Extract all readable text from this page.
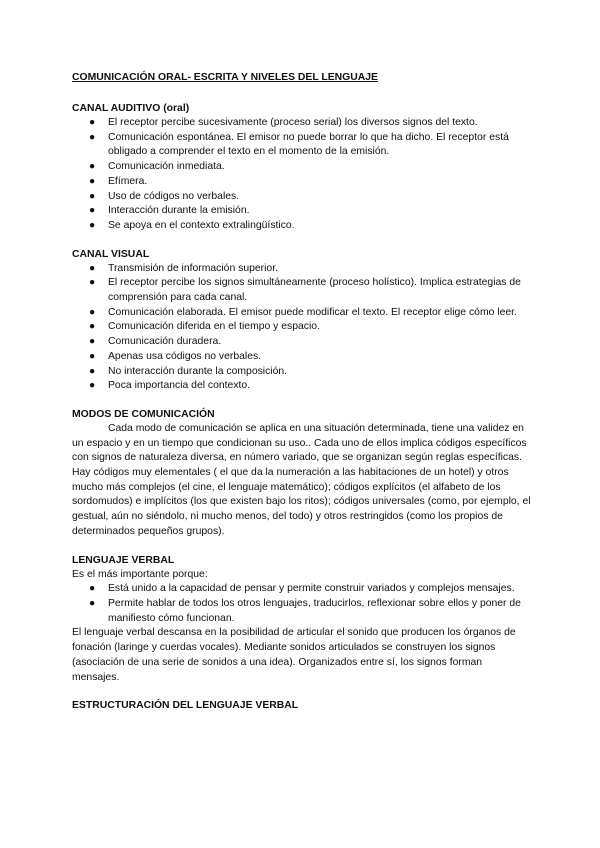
COMUNICACIÓN ORAL- ESCRITA Y NIVELES DEL LENGUAJE
CANAL AUDITIVO (oral)
● El receptor percibe sucesivamente (proceso serial) los diversos signos del texto.
● Comunicación espontánea. El emisor no puede borrar lo que ha dicho. El receptor está obligado a comprender el texto en el momento de la emisión.
● Comunicación inmediata.
● Efímera.
● Uso de códigos no verbales.
● Interacción durante la emisión.
● Se apoya en el contexto extralingüístico.
CANAL VISUAL
● Transmisión de información superior.
● El receptor percibe los signos simultáneamente (proceso holístico). Implica estrategias de comprensión para cada canal.
● Comunicación elaborada. El emisor puede modificar el texto. El receptor elige cómo leer.
● Comunicación diferida en el tiempo y espacio.
● Comunicación duradera.
● Apenas usa códigos no verbales.
● No interacción durante la composición.
● Poca importancia del contexto.
MODOS DE COMUNICACIÓN

Cada modo de comunicación se aplica en una situación determinada, tiene una validez en un espacio y en un tiempo que condicionan su uso.. Cada uno de ellos implica códigos específicos con signos de naturaleza diversa, en número variado, que se organizan según reglas específicas.

Hay códigos muy elementales ( el que da la numeración a las habitaciones de un hotel) y otros mucho más complejos (el cine, el lenguaje matemático); códigos explícitos (el alfabeto de los sordomudos) e implícitos (los que existen bajo los ritos); códigos universales (como, por ejemplo, el gestual, aún no siéndolo, ni mucho menos, del todo) y otros restringidos (como los propios de determinados pequeños grupos).

LENGUAJE VERBAL

Es el más importante porque:

● Está unido a la capacidad de pensar y permite construir variados y complejos mensajes.
● Permite hablar de todos los otros lenguajes, traducirlos, reflexionar sobre ellos y poner de manifiesto cómo funcionan.

El lenguaje verbal descansa en la posibilidad de articular el sonido que producen los órganos de fonación (laringe y cuerdas vocales). Mediante sonidos articulados se construyen los signos (asociación de una serie de sonidos a una idea). Organizados entre sí, los signos forman mensajes.

ESTRUCTURACIÓN DEL LENGUAJE VERBAL
